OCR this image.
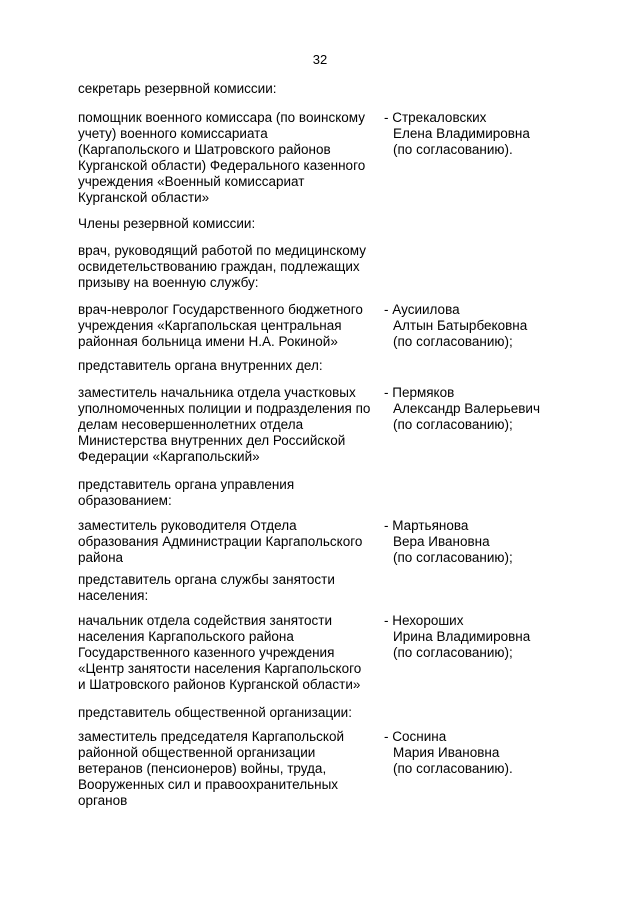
32

секретарь резервной комиссии:

помощник военного комиссара (по воинскому

учету) военного комиссариата

(Каргапольского и Шатровского районов

Курганской области) Федерального казенного

учреждения «Военный комиссариат

Курганской области»

- Стрекаловских

Елена Владимировна

(по согласованию).

Члены резервной комиссии:

врач, руководящий работой по медицинскому

освидетельствованию граждан, подлежащих

призыву на военную службу:

врач-невролог Государственного бюджетного

учреждения «Каргапольская центральная

районная больница имени Н.А. Рокиной»

- Аусиилова

Алтын Батырбековна

(по согласованию);

представитель органа внутренних дел:

заместитель начальника отдела участковых

уполномоченных полиции и подразделения по

делам несовершеннолетних отдела

Министерства внутренних дел Российской

Федерации «Каргапольский»

- Пермяков

Александр Валерьевич

(по согласованию);

представитель органа управления

образованием:

заместитель руководителя Отдела

образования Администрации Каргапольского

района

- Мартьянова

Вера Ивановна

(по согласованию);

представитель органа службы занятости

населения:

начальник отдела содействия занятости

населения Каргапольского района

Государственного казенного учреждения

«Центр занятости населения Каргапольского

и Шатровского районов Курганской области»

- Нехороших

Ирина Владимировна

(по согласованию);

представитель общественной организации:

заместитель председателя Каргапольской

районной общественной организации

ветеранов (пенсионеров) войны, труда,

Вооруженных сил и правоохранительных

органов

- Соснина

Мария Ивановна

(по согласованию).
